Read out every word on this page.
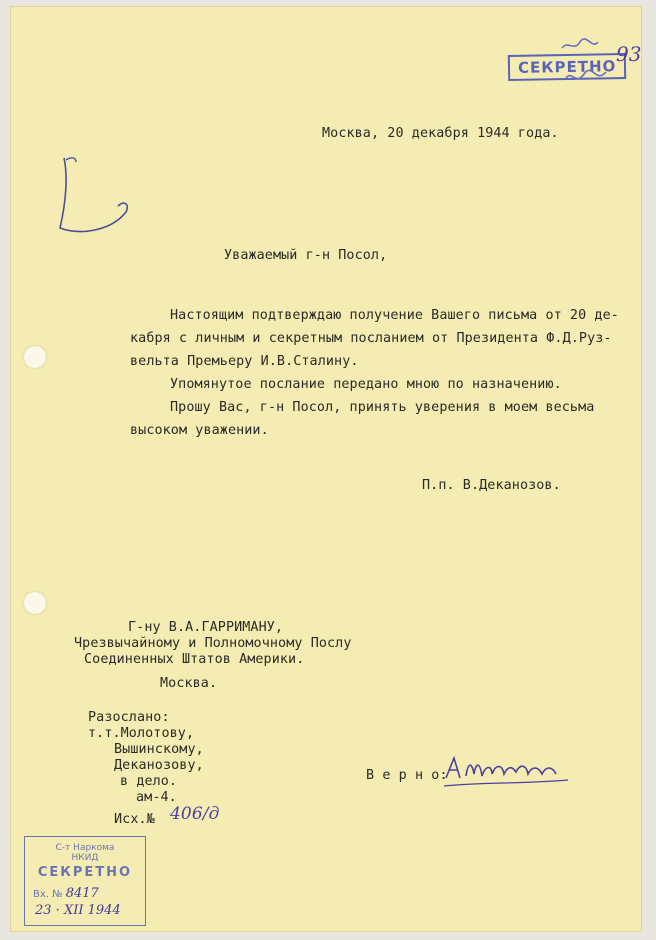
СЕКРЕТНО
93
Москва, 20 декабря 1944 года.
Уважаемый г-н Посол,
Настоящим подтверждаю получение Вашего письма от 20 де-
кабря с личным и секретным посланием от Президента Ф.Д.Руз-
вельта Премьеру И.В.Сталину.
Упомянутое послание передано мною по назначению.
Прошу Вас, г-н Посол, принять уверения в моем весьма
высоком уважении.
П.п. В.Деканозов.
Г-ну В.А.ГАРРИМАНУ,
Чрезвычайному и Полномочному Послу
Соединенных Штатов Америки.
Москва.
Разослано:
т.т.Молотову,
Вышинскому,
Деканозову,
в дело.
ам-4.
Исх.№ 406/д
В е р н о:
С-т Наркома
НКИД
СЕКРЕТНО
Вх. № 8417
23 · XII 1944
